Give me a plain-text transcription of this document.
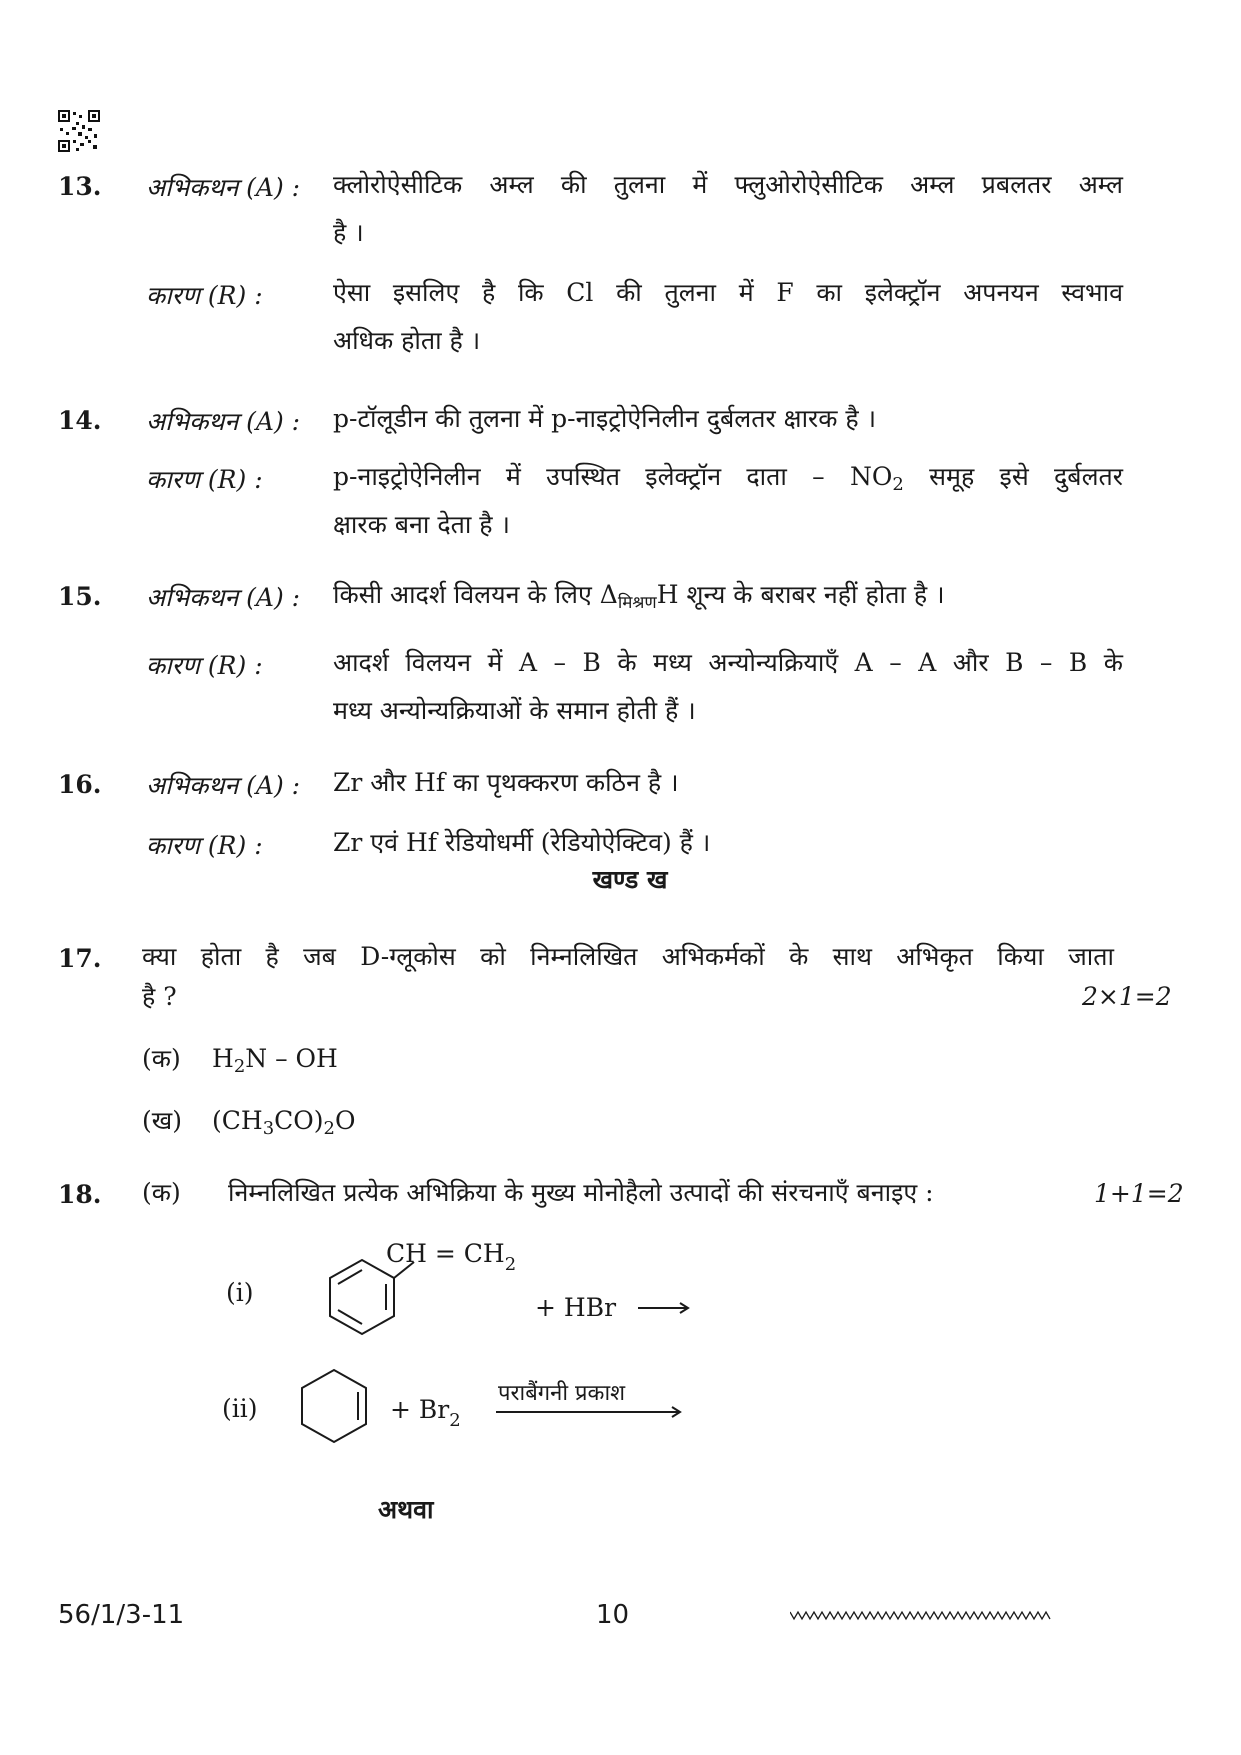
13. अभिकथन (A) : क्लोरोऐसीटिक अम्ल की तुलना में फ्लुओरोऐसीटिक अम्ल प्रबलतर अम्ल
है ।
कारण (R) :	ऐसा इसलिए है कि Cl की तुलना में F का इलेक्ट्रॉन अपनयन स्वभाव
अधिक होता है ।
14. अभिकथन (A) : p-टॉलूडीन की तुलना में p-नाइट्रोऐनिलीन दुर्बलतर क्षारक है ।
कारण (R) :	p-नाइट्रोऐनिलीन में उपस्थित इलेक्ट्रॉन दाता – $NO_2$ समूह इसे दुर्बलतर
क्षारक बना देता है ।
15. अभिकथन (A) : किसी आदर्श विलयन के लिए $\Delta_{मिश्रण}H$ शून्य के बराबर नहीं होता है ।
कारण (R) :	आदर्श विलयन में A – B के मध्य अन्योन्यक्रियाएँ A – A और B – B के
मध्य अन्योन्यक्रियाओं के समान होती हैं ।
16. अभिकथन (A) : Zr और Hf का पृथक्करण कठिन है ।
कारण (R) :	Zr एवं Hf रेडियोधर्मी (रेडियोऐक्टिव) हैं ।
खण्ड ख
17. क्या होता है जब D-ग्लूकोस को निम्नलिखित अभिकर्मकों के साथ अभिकृत किया जाता
है ?	2×1=2
(क) $H_2N$ – OH
(ख) $(CH_3CO)_2O$
18. (क) निम्नलिखित प्रत्येक अभिक्रिया के मुख्य मोनोहैलो उत्पादों की संरचनाएँ बनाइए :	1+1=2
(i)
CH = $CH_2$
+ HBr
(ii)	+ $Br_2$
पराबैंगनी प्रकाश
अथवा
56/1/3-11	10
